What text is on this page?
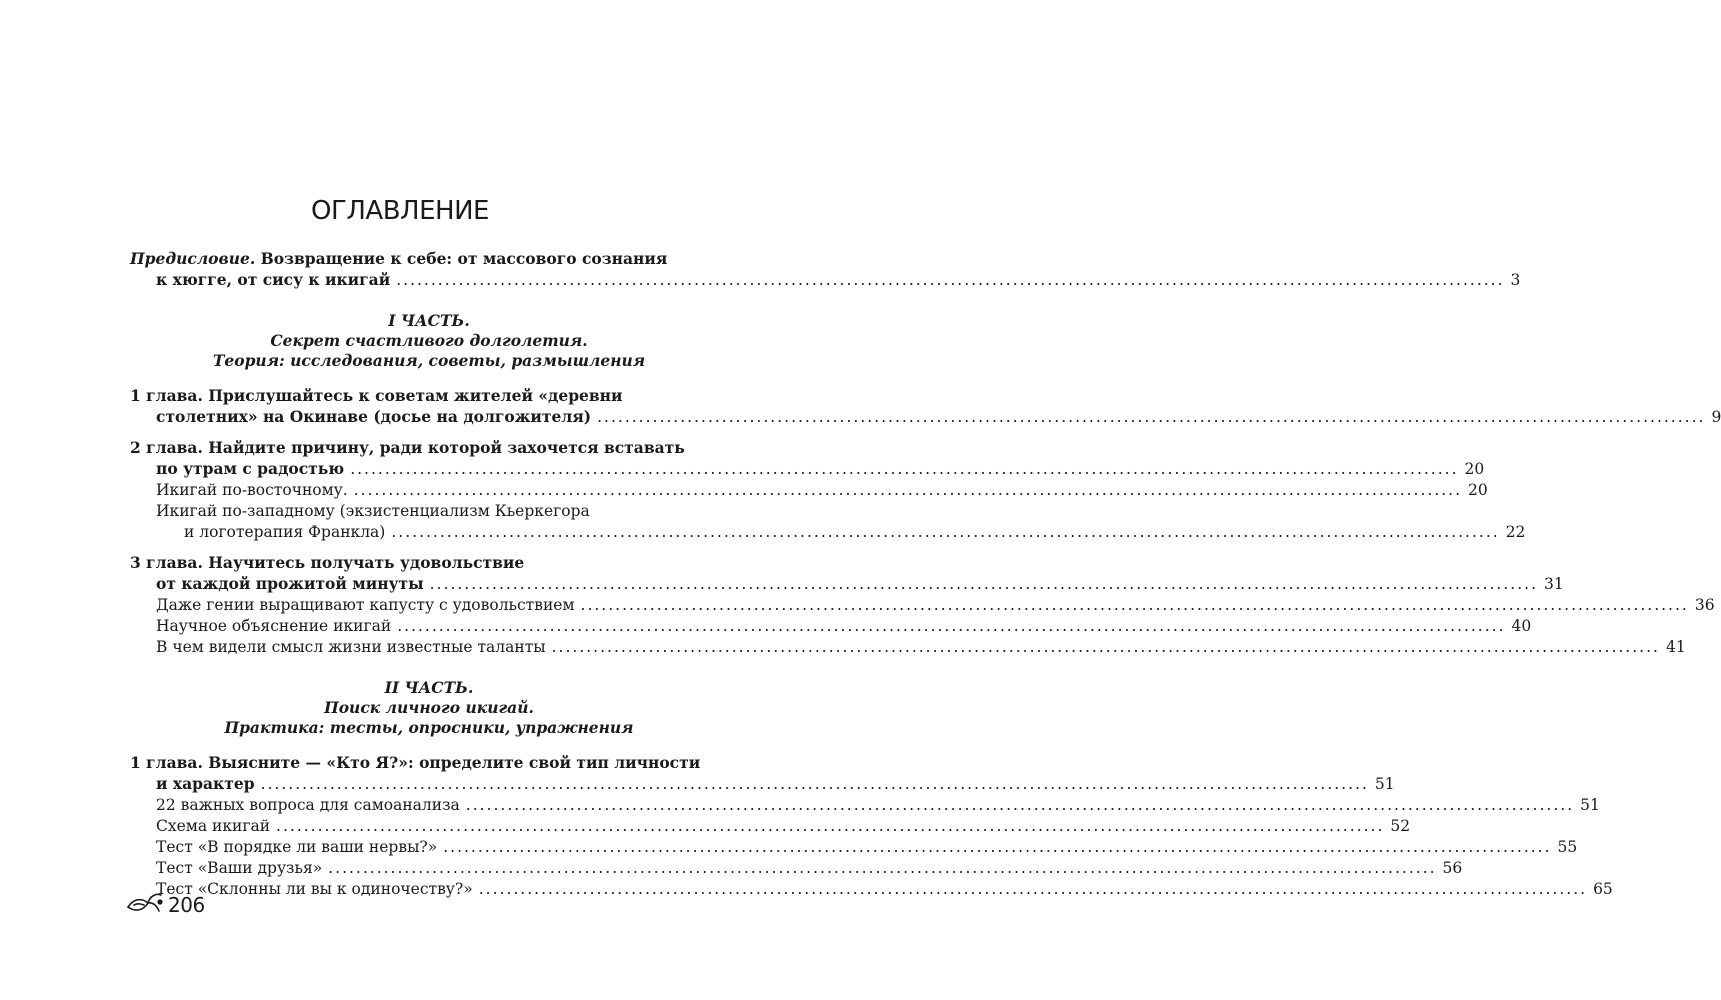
ОГЛАВЛЕНИЕ
Предисловие. Возвращение к себе: от массового сознания
к хюгге, от сису к икигай ................................................................................................................................................................ 3
I ЧАСТЬ.
Секрет счастливого долголетия.
Теория: исследования, советы, размышления
1 глава. Прислушайтесь к советам жителей «деревни
столетних» на Окинаве (досье на долгожителя) ................................................................................................................................................................ 9
2 глава. Найдите причину, ради которой захочется вставать
по утрам с радостью ................................................................................................................................................................ 20
Икигай по-восточному. ................................................................................................................................................................ 20
Икигай по-западному (экзистенциализм Кьеркегора
и логотерапия Франкла) ................................................................................................................................................................ 22
3 глава. Научитесь получать удовольствие
от каждой прожитой минуты ................................................................................................................................................................ 31
Даже гении выращивают капусту с удовольствием ................................................................................................................................................................ 36
Научное объяснение икигай ................................................................................................................................................................ 40
В чем видели смысл жизни известные таланты ................................................................................................................................................................ 41
II ЧАСТЬ.
Поиск личного икигай.
Практика: тесты, опросники, упражнения
1 глава. Выясните — «Кто Я?»: определите свой тип личности
и характер ................................................................................................................................................................ 51
22 важных вопроса для самоанализа ................................................................................................................................................................ 51
Схема икигай ................................................................................................................................................................ 52
Тест «В порядке ли ваши нервы?» ................................................................................................................................................................ 55
Тест «Ваши друзья» ................................................................................................................................................................ 56
Тест «Склонны ли вы к одиночеству?» ................................................................................................................................................................ 65
206
